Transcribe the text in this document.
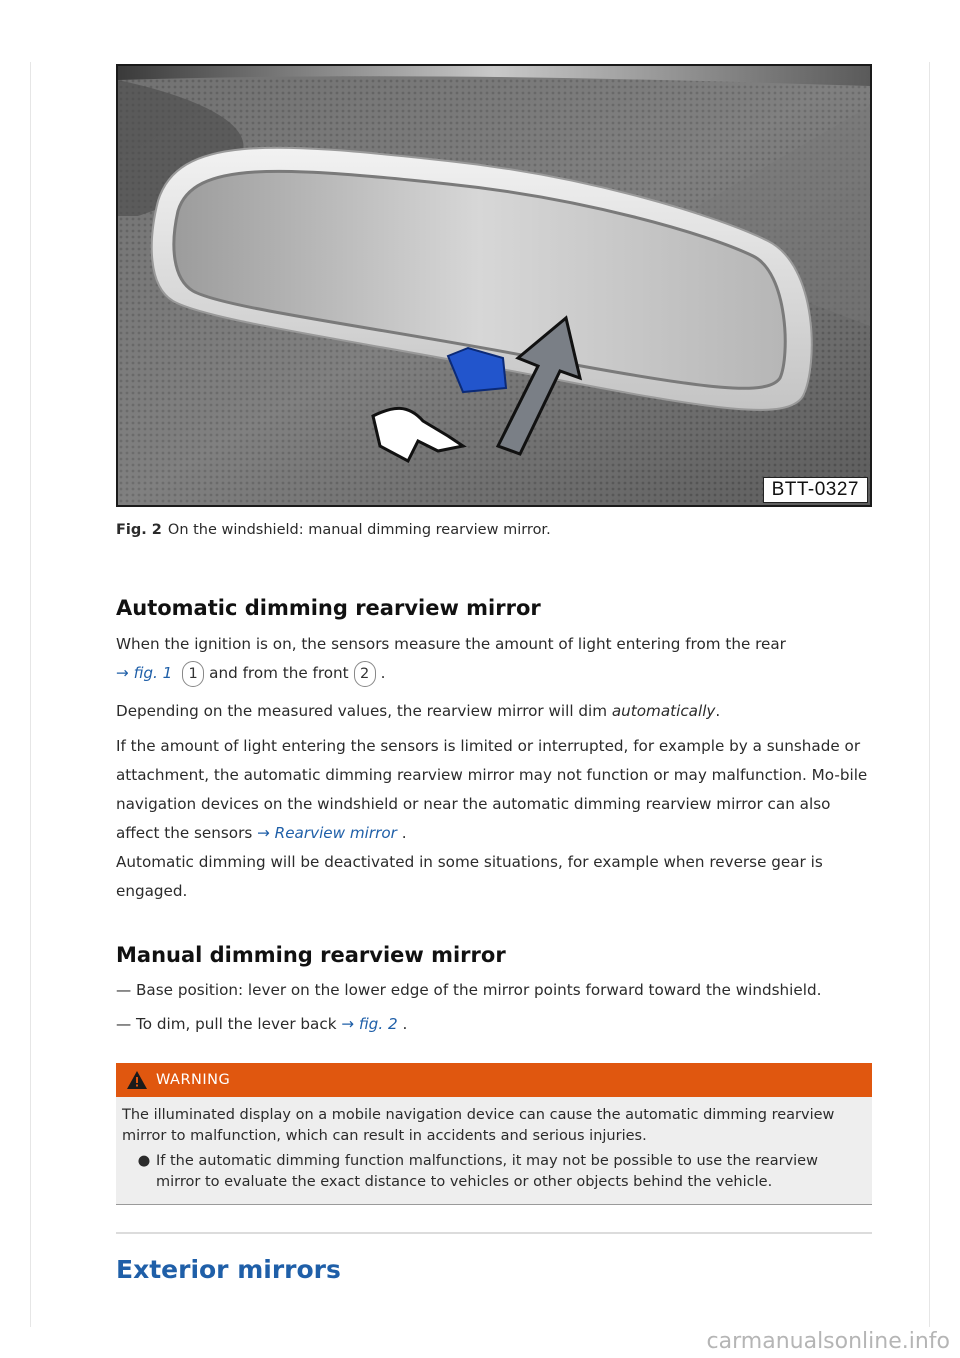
BTT-0327
Fig. 2 On the windshield: manual dimming rearview mirror.
Automatic dimming rearview mirror

When the ignition is on, the sensors measure the amount of light entering from the rear
→ fig. 1 1 and from the front 2 .

Depending on the measured values, the rearview mirror will dim automatically.

If the amount of light entering the sensors is limited or interrupted, for example by a sunshade or attachment, the automatic dimming rearview mirror may not function or may malfunction. Mo-bile navigation devices on the windshield or near the automatic dimming rearview mirror can also affect the sensors → Rearview mirror .

Automatic dimming will be deactivated in some situations, for example when reverse gear is engaged.

Manual dimming rearview mirror

— Base position: lever on the lower edge of the mirror points forward toward the windshield.

— To dim, pull the lever back → fig. 2 .

WARNING
The illuminated display on a mobile navigation device can cause the automatic dimming rearview mirror to malfunction, which can result in accidents and serious injuries.
● If the automatic dimming function malfunctions, it may not be possible to use the rearview mirror to evaluate the exact distance to vehicles or other objects behind the vehicle.
Exterior mirrors
carmanualsonline.info
